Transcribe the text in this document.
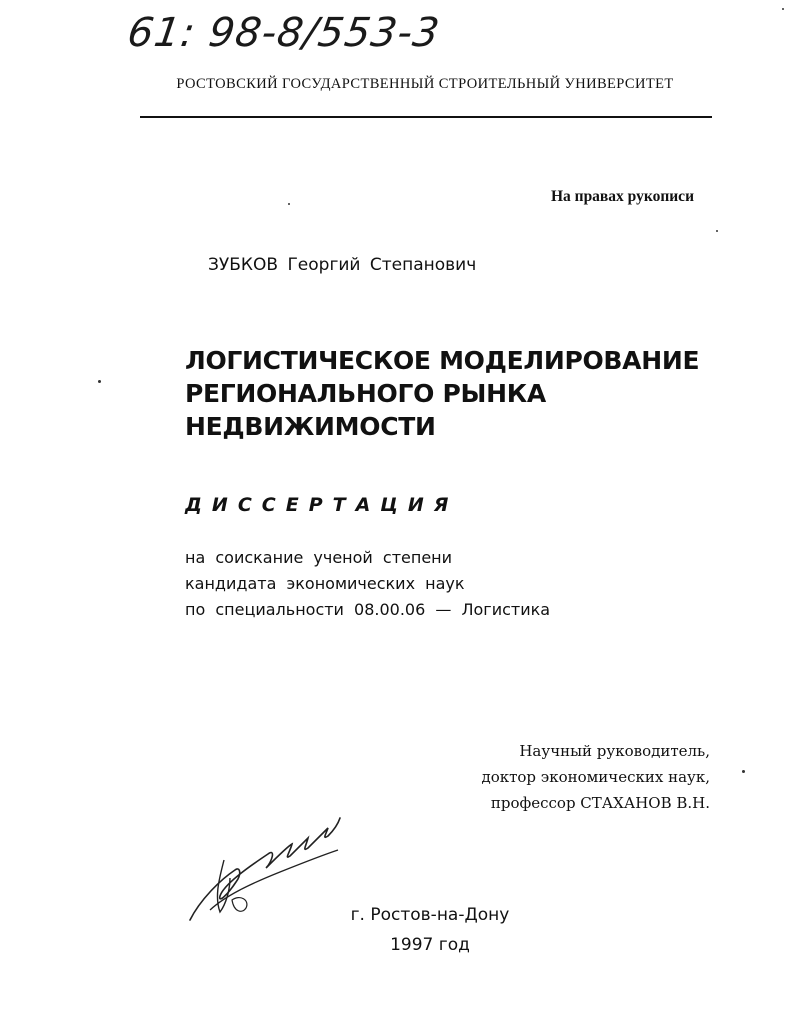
61: 98-8/553-3
РОСТОВСКИЙ ГОСУДАРСТВЕННЫЙ СТРОИТЕЛЬНЫЙ УНИВЕРСИТЕТ
На правах рукописи
ЗУБКОВ Георгий Степанович
ЛОГИСТИЧЕСКОЕ МОДЕЛИРОВАНИЕ
РЕГИОНАЛЬНОГО РЫНКА
НЕДВИЖИМОСТИ
ДИССЕРТАЦИЯ
на соискание ученой степени
кандидата экономических наук
по специальности 08.00.06 — Логистика
Научный руководитель,
доктор экономических наук,
профессор СТАХАНОВ В.Н.
г. Ростов-на-Дону
1997 год
